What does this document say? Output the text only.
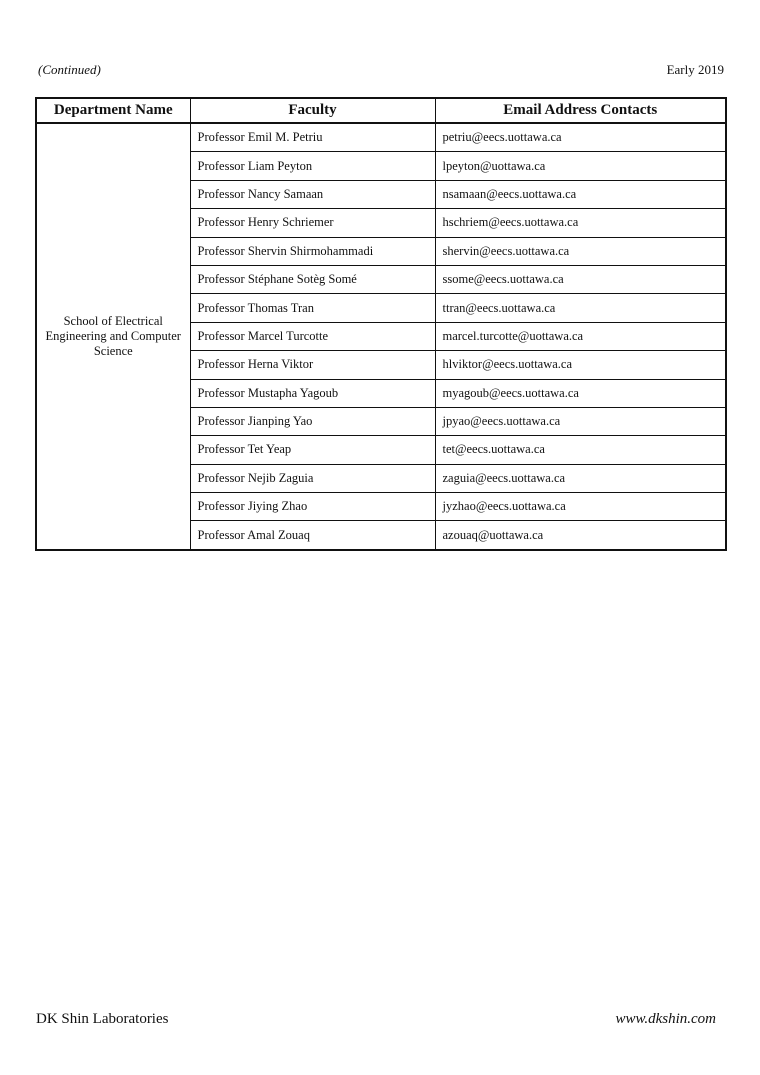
(Continued)	Early 2019
Department Name	Faculty	Email Address Contacts
School of Electrical Engineering and Computer Science	Professor Emil M. Petriu	petriu@eecs.uottawa.ca
	Professor Liam Peyton	lpeyton@uottawa.ca
	Professor Nancy Samaan	nsamaan@eecs.uottawa.ca
	Professor Henry Schriemer	hschriem@eecs.uottawa.ca
	Professor Shervin Shirmohammadi	shervin@eecs.uottawa.ca
	Professor Stéphane Sotèg Somé	ssome@eecs.uottawa.ca
	Professor Thomas Tran	ttran@eecs.uottawa.ca
	Professor Marcel Turcotte	marcel.turcotte@uottawa.ca
	Professor Herna Viktor	hlviktor@eecs.uottawa.ca
	Professor Mustapha Yagoub	myagoub@eecs.uottawa.ca
	Professor Jianping Yao	jpyao@eecs.uottawa.ca
	Professor Tet Yeap	tet@eecs.uottawa.ca
	Professor Nejib Zaguia	zaguia@eecs.uottawa.ca
	Professor Jiying Zhao	jyzhao@eecs.uottawa.ca
	Professor Amal Zouaq	azouaq@uottawa.ca
DK Shin Laboratories	www.dkshin.com
